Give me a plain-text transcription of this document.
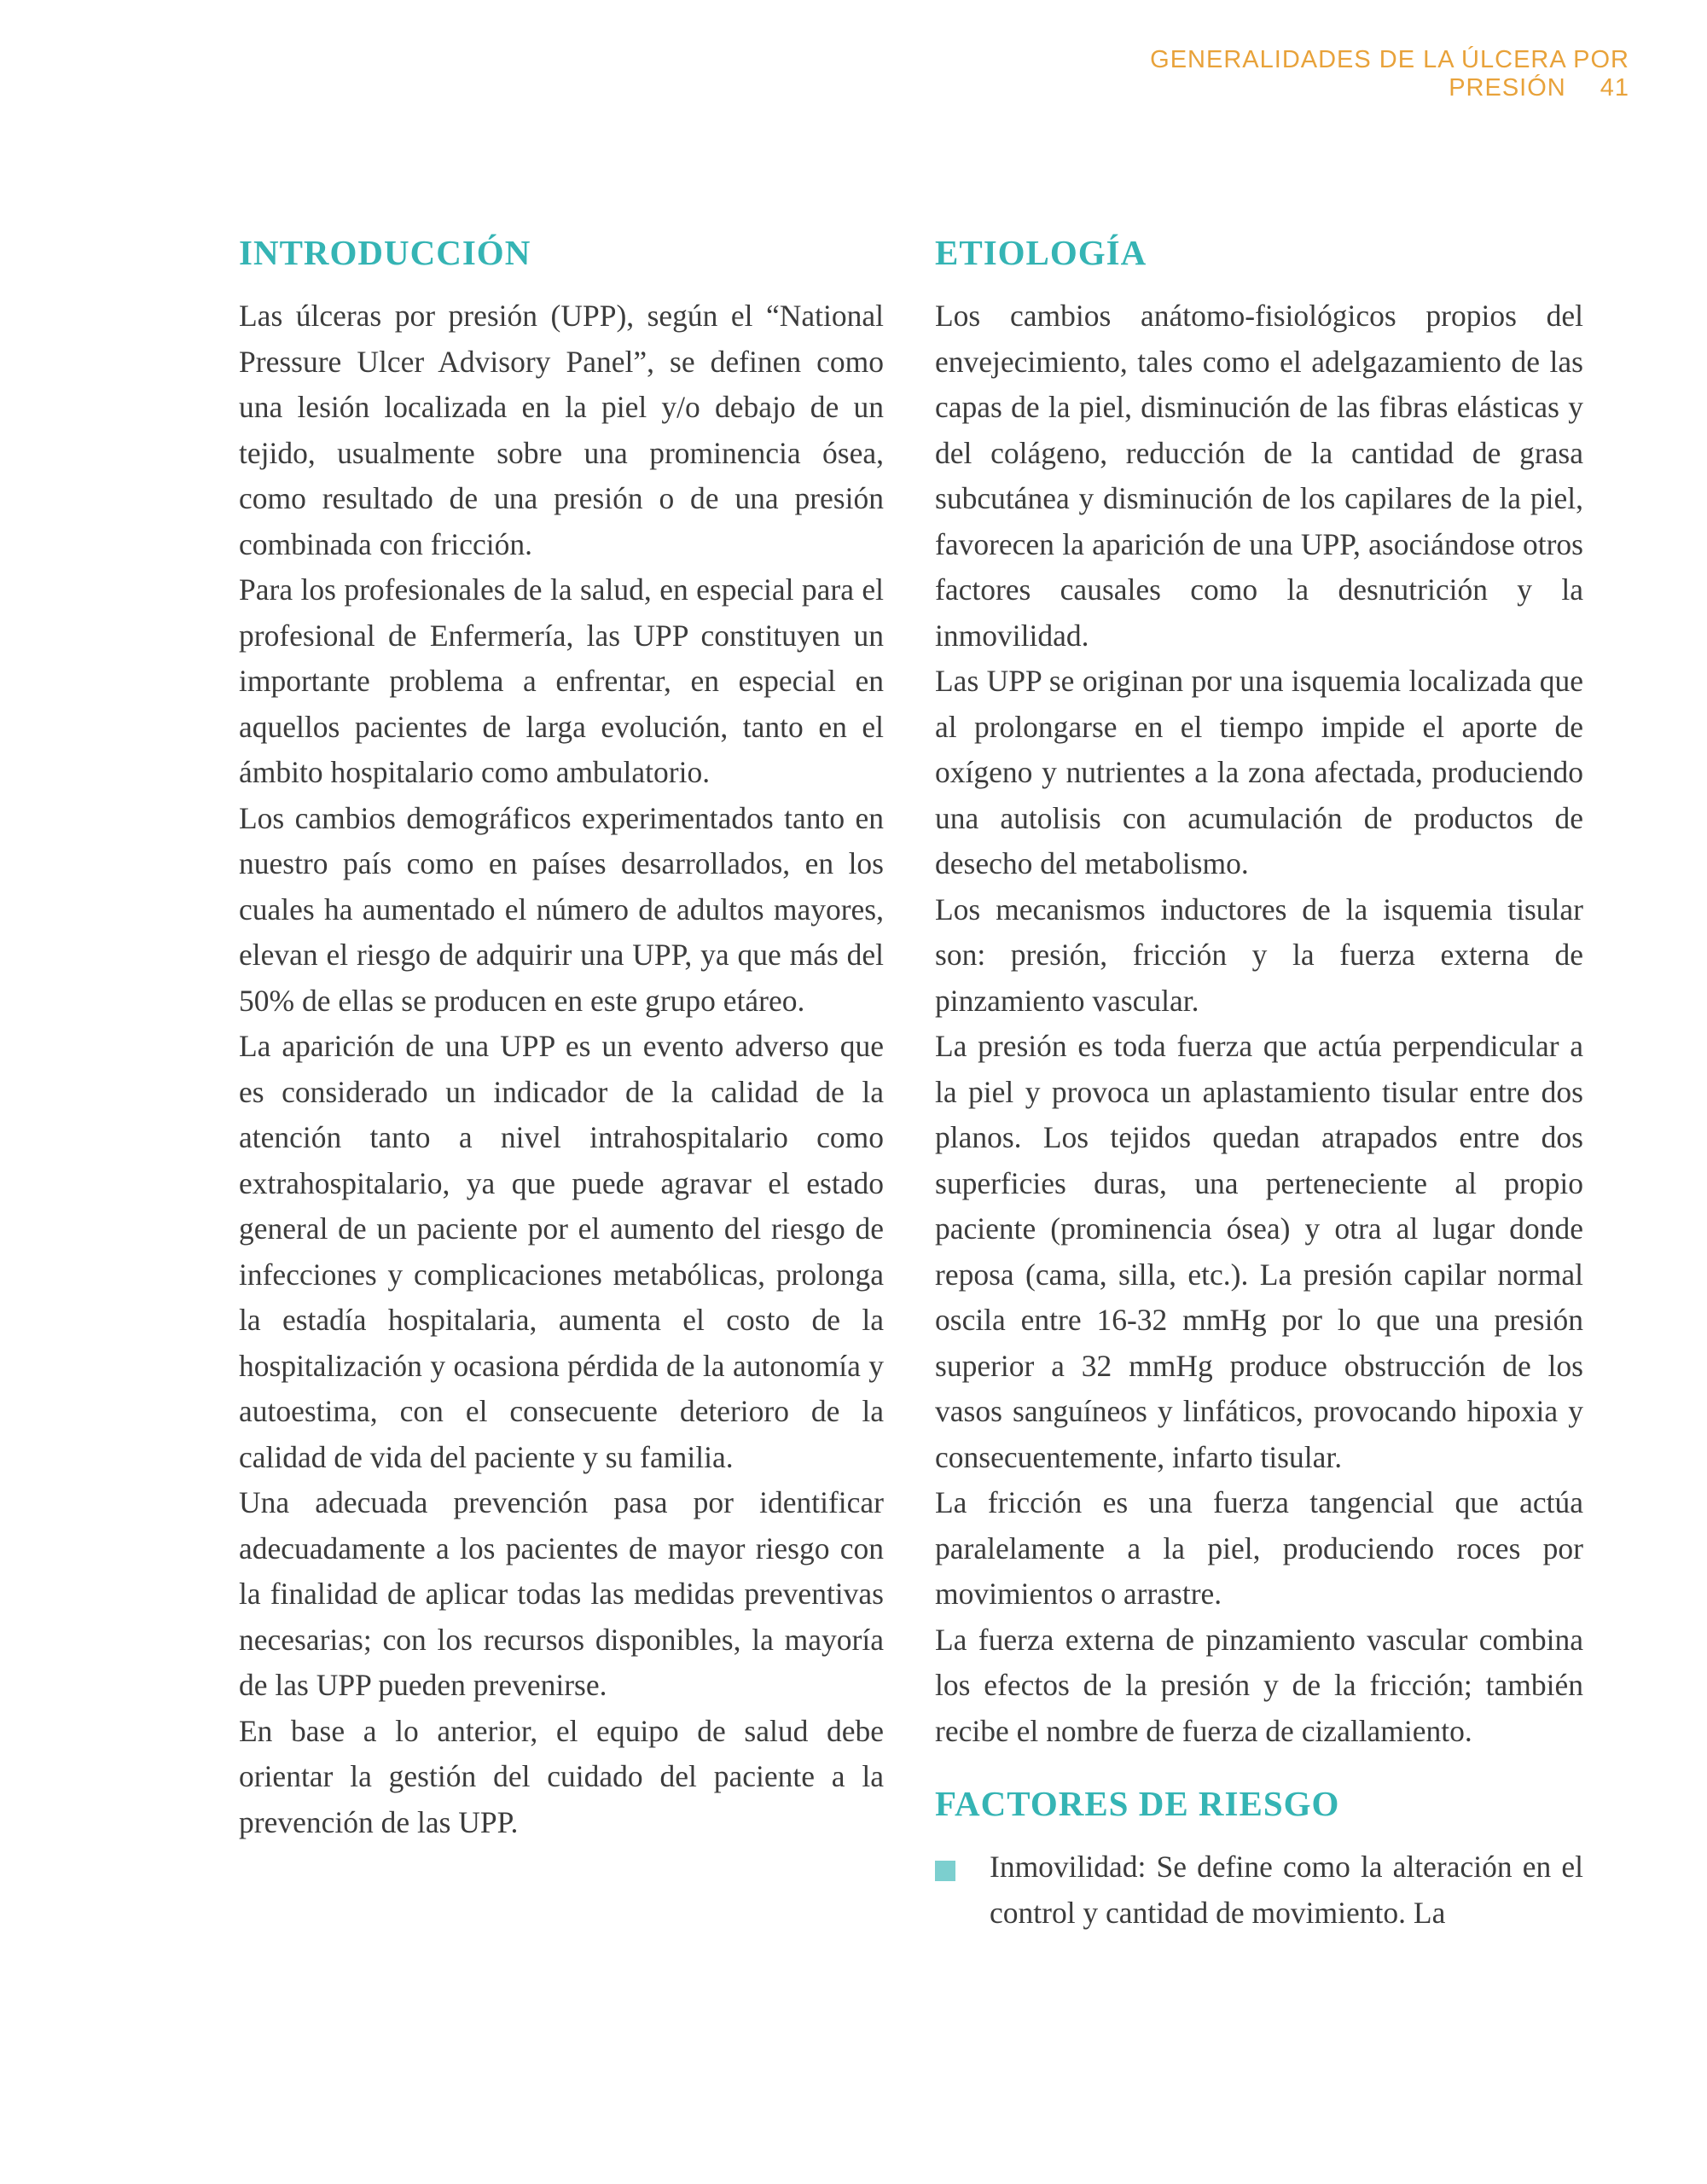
GENERALIDADES DE LA ÚLCERA POR PRESIÓN 41
INTRODUCCIÓN

Las úlceras por presión (UPP), según el “National Pressure Ulcer Advisory Panel”, se definen como una lesión localizada en la piel y/o debajo de un tejido, usualmente sobre una prominencia ósea, como resultado de una presión o de una presión combinada con fricción.

Para los profesionales de la salud, en especial para el profesional de Enfermería, las UPP constituyen un importante problema a enfrentar, en especial en aquellos pacientes de larga evolución, tanto en el ámbito hospitalario como ambulatorio.

Los cambios demográficos experimentados tanto en nuestro país como en países desarrollados, en los cuales ha aumentado el número de adultos mayores, elevan el riesgo de adquirir una UPP, ya que más del 50% de ellas se producen en este grupo etáreo.

La aparición de una UPP es un evento adverso que es considerado un indicador de la calidad de la atención tanto a nivel intrahospitalario como extrahospitalario, ya que puede agravar el estado general de un paciente por el aumento del riesgo de infecciones y complicaciones metabólicas, prolonga la estadía hospitalaria, aumenta el costo de la hospitalización y ocasiona pérdida de la autonomía y autoestima, con el consecuente deterioro de la calidad de vida del paciente y su familia.

Una adecuada prevención pasa por identificar adecuadamente a los pacientes de mayor riesgo con la finalidad de aplicar todas las medidas preventivas necesarias; con los recursos disponibles, la mayoría de las UPP pueden prevenirse.

En base a lo anterior, el equipo de salud debe orientar la gestión del cuidado del paciente a la prevención de las UPP.

ETIOLOGÍA

Los cambios anátomo-fisiológicos propios del envejecimiento, tales como el adelgazamiento de las capas de la piel, disminución de las fibras elásticas y del colágeno, reducción de la cantidad de grasa subcutánea y disminución de los capilares de la piel, favorecen la aparición de una UPP, asociándose otros factores causales como la desnutrición y la inmovilidad.

Las UPP se originan por una isquemia localizada que al prolongarse en el tiempo impide el aporte de oxígeno y nutrientes a la zona afectada, produciendo una autolisis con acumulación de productos de desecho del metabolismo.

Los mecanismos inductores de la isquemia tisular son: presión, fricción y la fuerza externa de pinzamiento vascular.

La presión es toda fuerza que actúa perpendicular a la piel y provoca un aplastamiento tisular entre dos planos. Los tejidos quedan atrapados entre dos superficies duras, una perteneciente al propio paciente (prominencia ósea) y otra al lugar donde reposa (cama, silla, etc.). La presión capilar normal oscila entre 16-32 mmHg por lo que una presión superior a 32 mmHg produce obstrucción de los vasos sanguíneos y linfáticos, provocando hipoxia y consecuentemente, infarto tisular.

La fricción es una fuerza tangencial que actúa paralelamente a la piel, produciendo roces por movimientos o arrastre.

La fuerza externa de pinzamiento vascular combina los efectos de la presión y de la fricción; también recibe el nombre de fuerza de cizallamiento.

FACTORES DE RIESGO

Inmovilidad: Se define como la alteración en el control y cantidad de movimiento. La
